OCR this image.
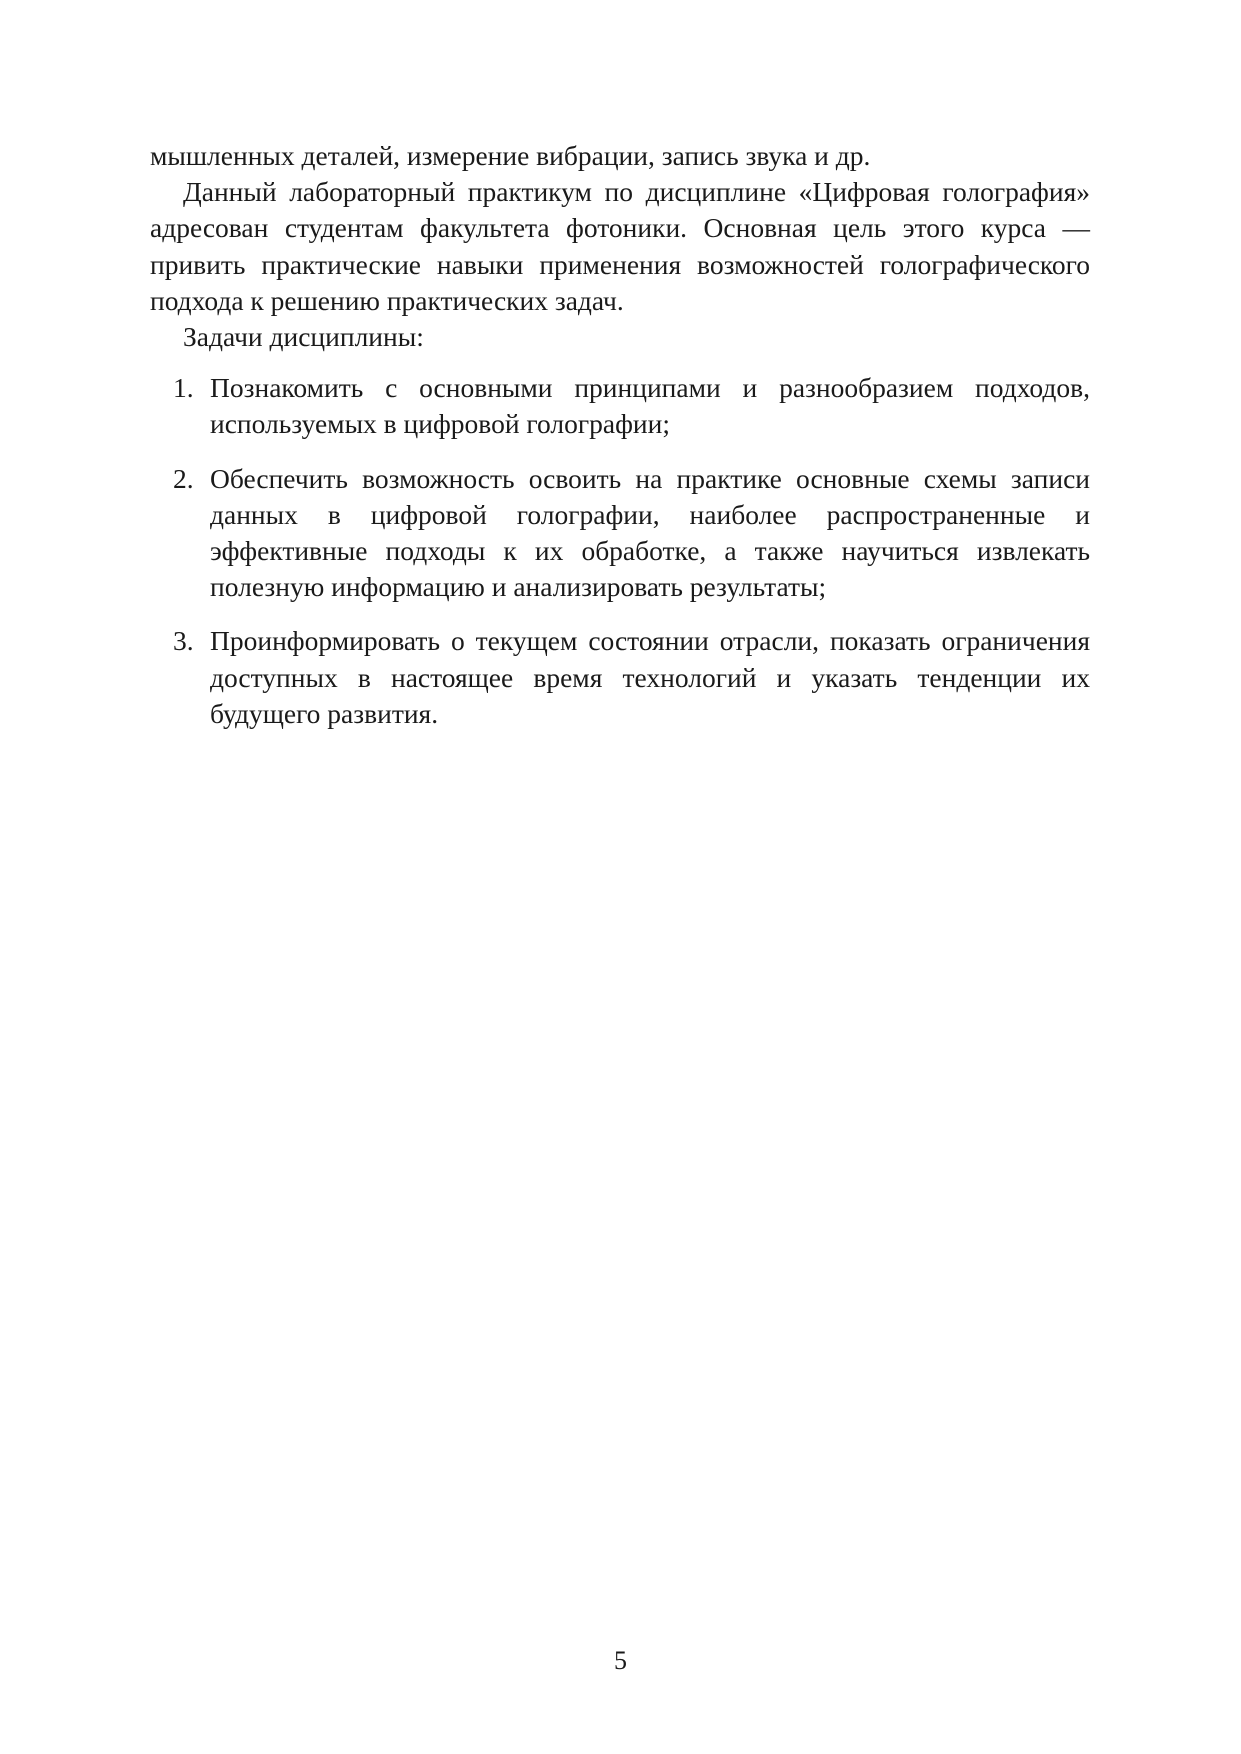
мышленных деталей, измерение вибрации, запись звука и др.

Данный лабораторный практикум по дисциплине «Цифровая голография» адресован студентам факультета фотоники. Основная цель этого курса — привить практические навыки применения возможностей голографического подхода к решению практических задач.

Задачи дисциплины:

1. Познакомить с основными принципами и разнообразием подходов, используемых в цифровой голографии;
2. Обеспечить возможность освоить на практике основные схемы записи данных в цифровой голографии, наиболее распространенные и эффективные подходы к их обработке, а также научиться извлекать полезную информацию и анализировать результаты;
3. Проинформировать о текущем состоянии отрасли, показать ограничения доступных в настоящее время технологий и указать тенденции их будущего развития.
5
